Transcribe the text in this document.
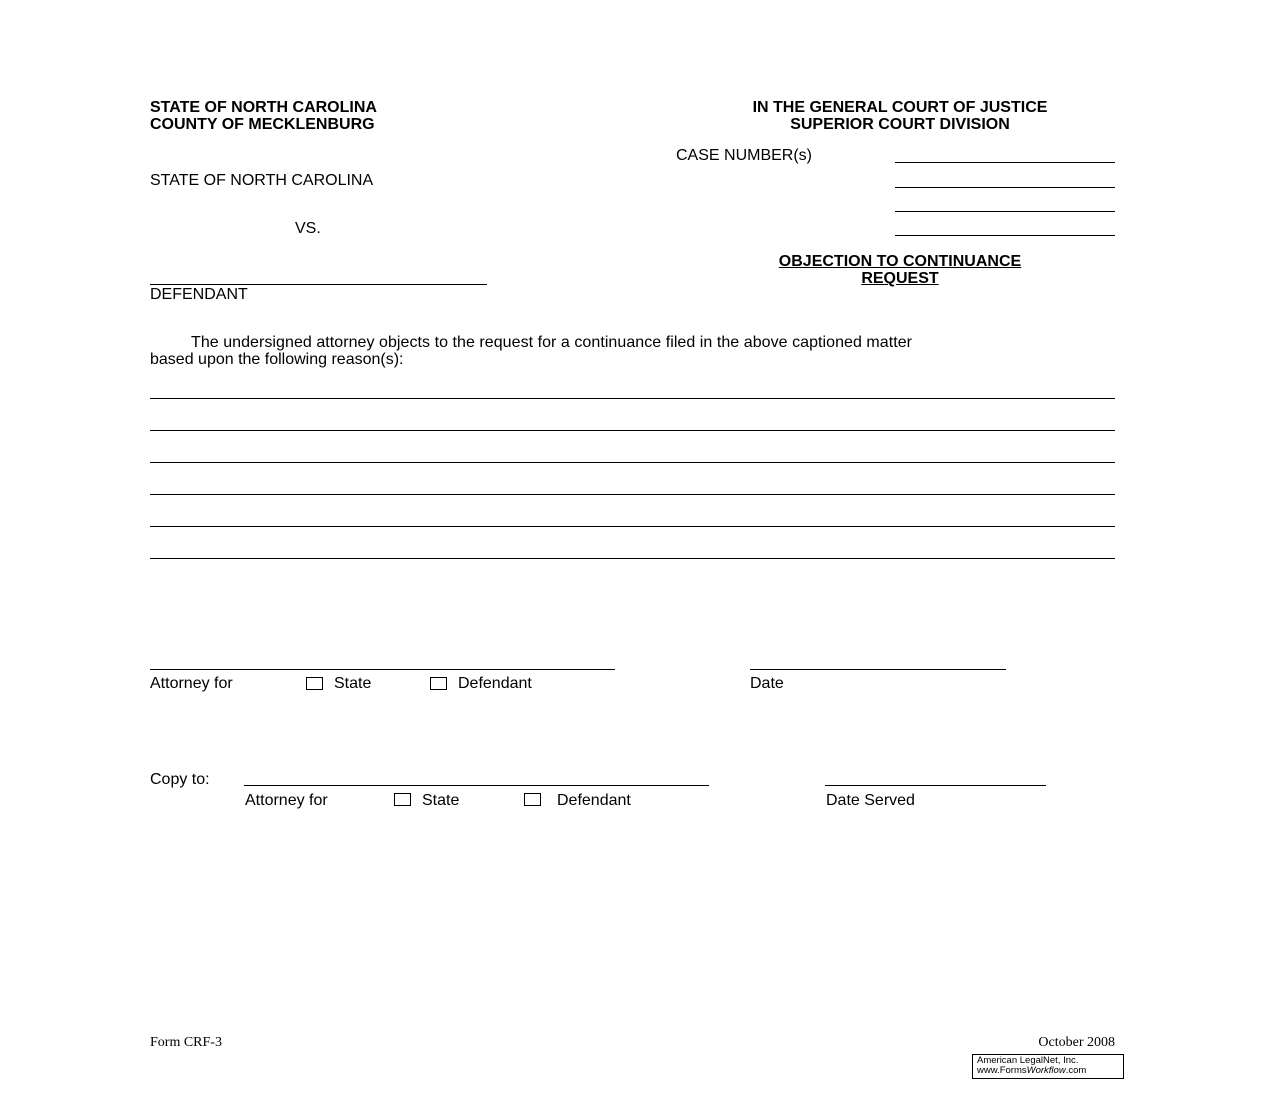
STATE OF NORTH CAROLINA
COUNTY OF MECKLENBURG
IN THE GENERAL COURT OF JUSTICE
SUPERIOR COURT DIVISION
CASE NUMBER(s)
STATE OF NORTH CAROLINA
VS.
DEFENDANT
OBJECTION TO CONTINUANCE
REQUEST
The undersigned attorney objects to the request for a continuance filed in the above captioned matter
based upon the following reason(s):
Attorney for	State	Defendant	Date
Copy to:
Attorney for	State	Defendant	Date Served
Form CRF-3	October 2008
American LegalNet, Inc.
www.FormsWorkflow.com
